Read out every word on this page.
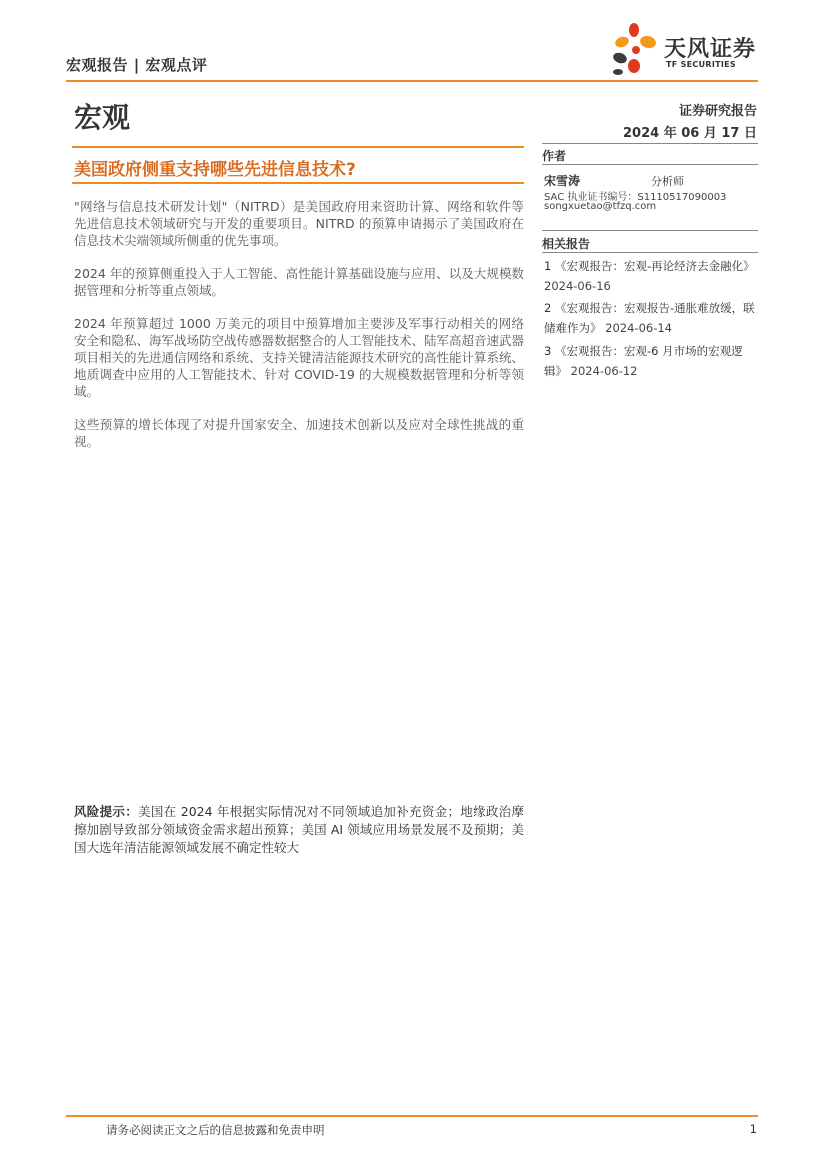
宏观报告 | 宏观点评
天风证券
TF SECURITIES
宏观	证券研究报告
2024 年 06 月 17 日
美国政府侧重支持哪些先进信息技术?

"网络与信息技术研发计划"（NITRD）是美国政府用来资助计算、网络和软件等先进信息技术领域研究与开发的重要项目。NITRD 的预算申请揭示了美国政府在信息技术尖端领域所侧重的优先事项。

2024 年的预算侧重投入于人工智能、高性能计算基础设施与应用、以及大规模数据管理和分析等重点领域。

2024 年预算超过 1000 万美元的项目中预算增加主要涉及军事行动相关的网络安全和隐私、海军战场防空战传感器数据整合的人工智能技术、陆军高超音速武器项目相关的先进通信网络和系统、支持关键清洁能源技术研究的高性能计算系统、地质调查中应用的人工智能技术、针对 COVID-19 的大规模数据管理和分析等领域。

这些预算的增长体现了对提升国家安全、加速技术创新以及应对全球性挑战的重视。

风险提示：美国在 2024 年根据实际情况对不同领域追加补充资金；地缘政治摩擦加剧导致部分领域资金需求超出预算；美国 AI 领域应用场景发展不及预期；美国大选年清洁能源领域发展不确定性较大
作者
宋雪涛	分析师
SAC 执业证书编号：S1110517090003
songxuetao@tfzq.com
相关报告
1 《宏观报告：宏观-再论经济去金融化》 2024-06-16
2 《宏观报告：宏观报告-通胀难放缓，联储难作为》 2024-06-14
3 《宏观报告：宏观-6 月市场的宏观逻辑》 2024-06-12
请务必阅读正文之后的信息披露和免责申明	1
